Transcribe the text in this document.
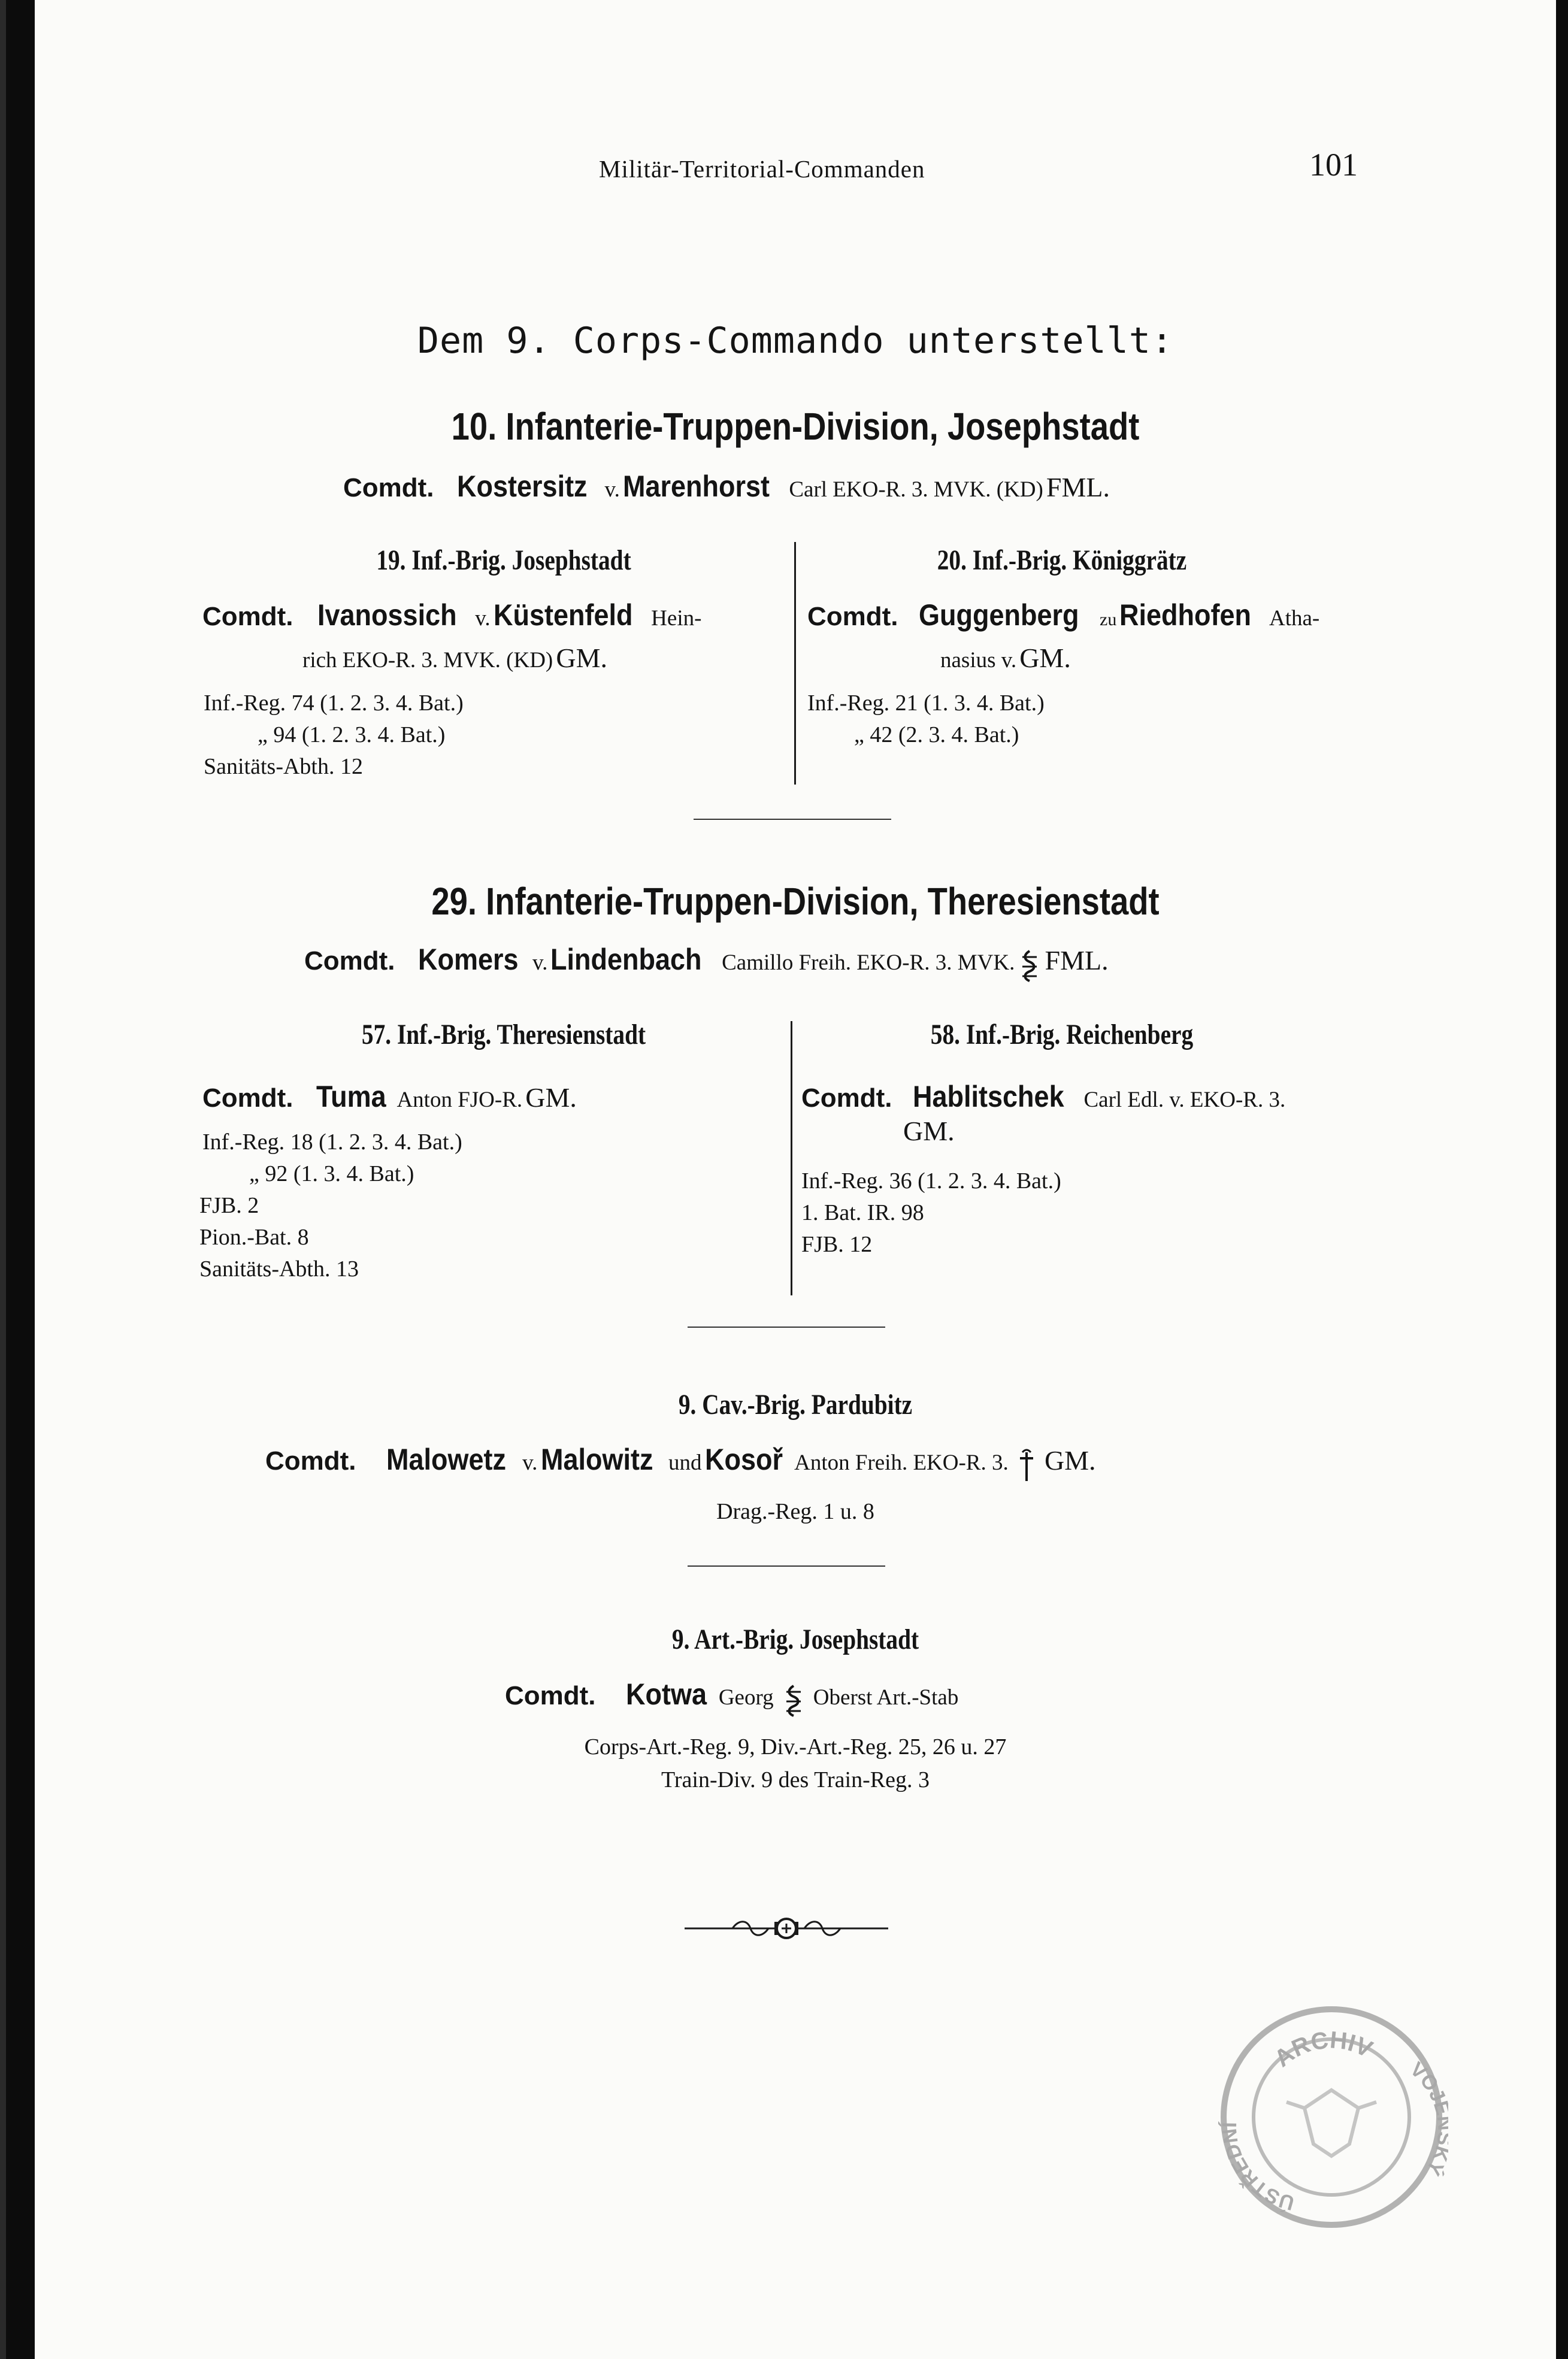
Militär-Territorial-Commanden	101
Dem 9. Corps-Commando unterstellt:
10. Infanterie-Truppen-Division, Josephstadt
Comdt. Kostersitz v. Marenhorst Carl EKO-R. 3. MVK. (KD) FML.
19. Inf.-Brig. Josephstadt
Comdt. Ivanossich v. Küstenfeld Hein-
rich EKO-R. 3. MVK. (KD) GM.
Inf.-Reg. 74 (1. 2. 3. 4. Bat.)
„ 94 (1. 2. 3. 4. Bat.)
Sanitäts-Abth. 12
20. Inf.-Brig. Königgrätz
Comdt. Guggenberg zu Riedhofen Atha-
nasius v. GM.
Inf.-Reg. 21 (1. 3. 4. Bat.)
„ 42 (2. 3. 4. Bat.)
29. Infanterie-Truppen-Division, Theresienstadt
Comdt. Komers v. Lindenbach Camillo Freih. EKO-R. 3. MVK. FML.
57. Inf.-Brig. Theresienstadt
Comdt. Tuma Anton FJO-R. GM.
Inf.-Reg. 18 (1. 2. 3. 4. Bat.)
„ 92 (1. 3. 4. Bat.)
FJB. 2
Pion.-Bat. 8
Sanitäts-Abth. 13
58. Inf.-Brig. Reichenberg
Comdt. Hablitschek Carl Edl. v. EKO-R. 3.
GM.
Inf.-Reg. 36 (1. 2. 3. 4. Bat.)
1. Bat. IR. 98
FJB. 12
9. Cav.-Brig. Pardubitz
Comdt. Malowetz v. Malowitz und Kosoř Anton Freih. EKO-R. 3. GM.
Drag.-Reg. 1 u. 8
9. Art.-Brig. Josephstadt
Comdt. Kotwa Georg Oberst Art.-Stab
Corps-Art.-Reg. 9, Div.-Art.-Reg. 25, 26 u. 27
Train-Div. 9 des Train-Reg. 3
ARCHIV
ÚSTŘEDNÍ
VOJ Ý
